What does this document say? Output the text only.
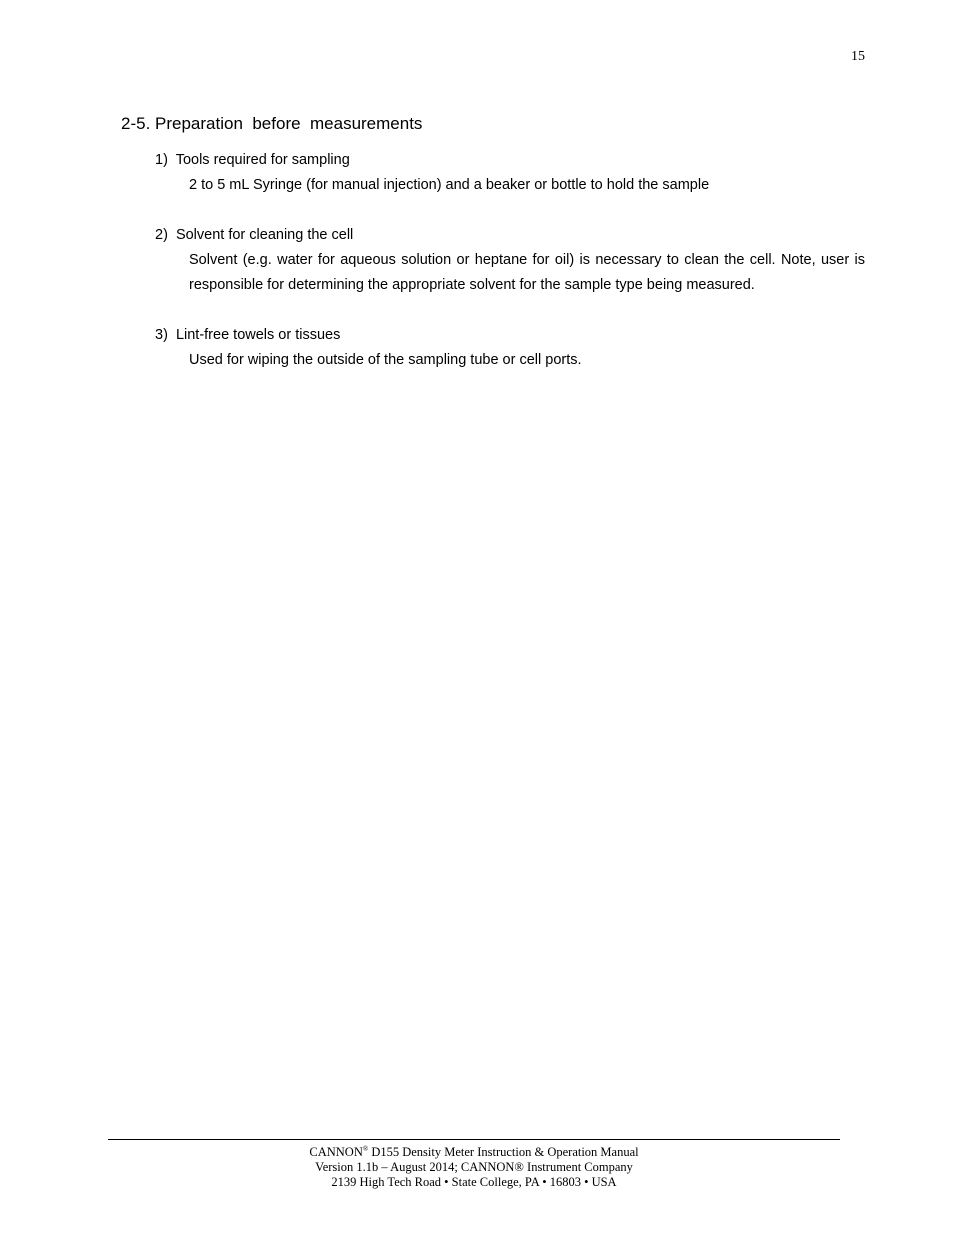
15
2-5. Preparation  before  measurements
1)  Tools required for sampling
2 to 5 mL Syringe (for manual injection) and a beaker or bottle to hold the sample
2)  Solvent for cleaning the cell
Solvent (e.g. water for aqueous solution or heptane for oil) is necessary to clean the cell. Note, user is responsible for determining the appropriate solvent for the sample type being measured.
3)  Lint-free towels or tissues
Used for wiping the outside of the sampling tube or cell ports.
CANNON® D155 Density Meter Instruction & Operation Manual
Version 1.1b – August 2014; CANNON® Instrument Company
2139 High Tech Road • State College, PA • 16803 • USA
